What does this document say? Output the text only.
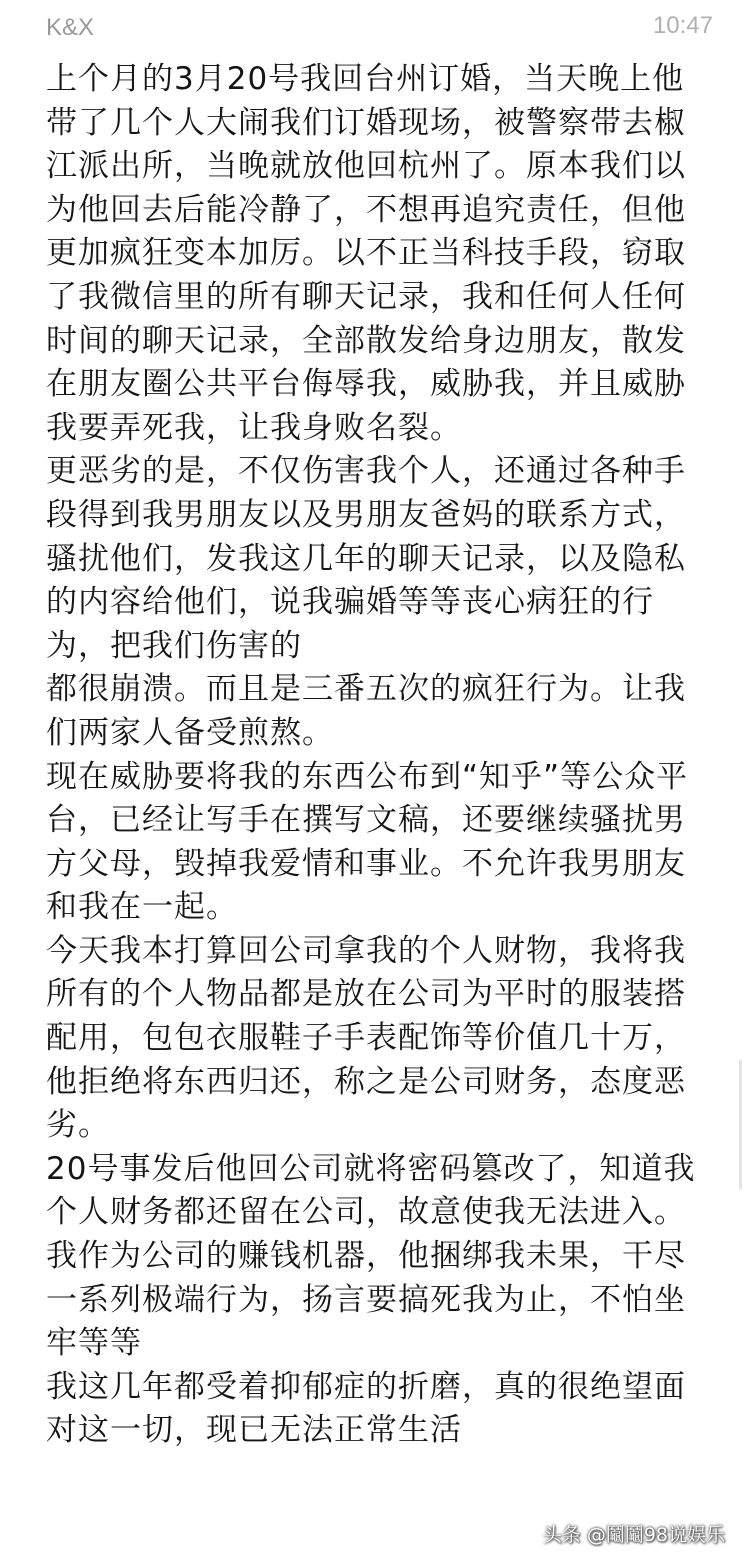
K&X	10:47
上个月的3月20号我回台州订婚，当天晚上他
带了几个人大闹我们订婚现场，被警察带去椒
江派出所，当晚就放他回杭州了。原本我们以
为他回去后能冷静了，不想再追究责任，但他
更加疯狂变本加厉。以不正当科技手段，窃取
了我微信里的所有聊天记录，我和任何人任何
时间的聊天记录，全部散发给身边朋友，散发
在朋友圈公共平台侮辱我，威胁我，并且威胁
我要弄死我，让我身败名裂。
更恶劣的是，不仅伤害我个人，还通过各种手
段得到我男朋友以及男朋友爸妈的联系方式，
骚扰他们，发我这几年的聊天记录，以及隐私
的内容给他们，说我骗婚等等丧心病狂的行
为，把我们伤害的
都很崩溃。而且是三番五次的疯狂行为。让我
们两家人备受煎熬。
现在威胁要将我的东西公布到“知乎”等公众平
台，已经让写手在撰写文稿，还要继续骚扰男
方父母，毁掉我爱情和事业。不允许我男朋友
和我在一起。
今天我本打算回公司拿我的个人财物，我将我
所有的个人物品都是放在公司为平时的服装搭
配用，包包衣服鞋子手表配饰等价值几十万，
他拒绝将东西归还，称之是公司财务，态度恶
劣。
20号事发后他回公司就将密码篡改了，知道我
个人财务都还留在公司，故意使我无法进入。
我作为公司的赚钱机器，他捆绑我未果，干尽
一系列极端行为，扬言要搞死我为止，不怕坐
牢等等
我这几年都受着抑郁症的折磨，真的很绝望面
对这一切，现已无法正常生活
头条 @鬮鬮98说娱乐
